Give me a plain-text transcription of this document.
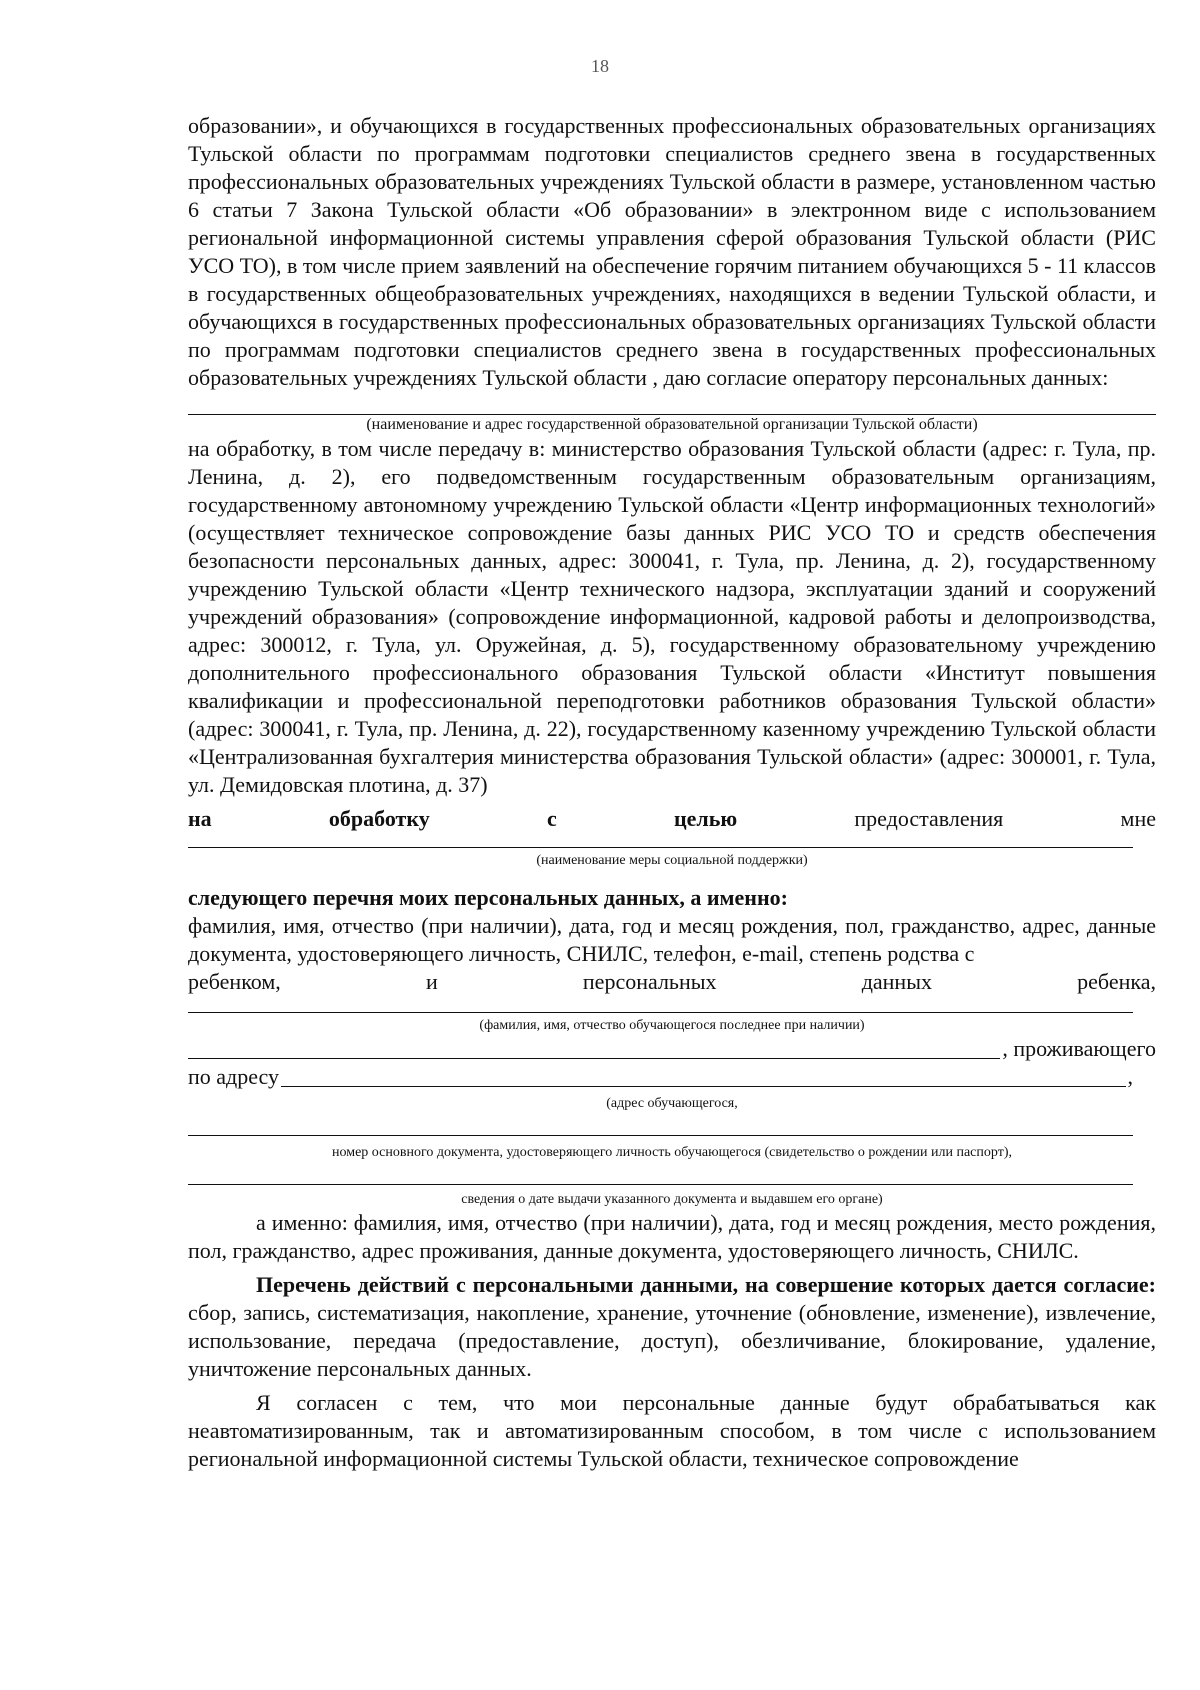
18

образовании», и обучающихся в государственных профессиональных образовательных организациях Тульской области по программам подготовки специалистов среднего звена в государственных профессиональных образовательных учреждениях Тульской области в размере, установленном частью 6 статьи 7 Закона Тульской области «Об образовании» в электронном виде с использованием региональной информационной системы управления сферой образования Тульской области (РИС УСО ТО), в том числе прием заявлений на обеспечение горячим питанием обучающихся 5 - 11 классов в государственных общеобразовательных учреждениях, находящихся в ведении Тульской области, и обучающихся в государственных профессиональных образовательных организациях Тульской области по программам подготовки специалистов среднего звена в государственных профессиональных образовательных учреждениях Тульской области , даю согласие оператору персональных данных:

(наименование и адрес государственной образовательной организации Тульской области)

на обработку, в том числе передачу в: министерство образования Тульской области (адрес: г. Тула, пр. Ленина, д. 2), его подведомственным государственным образовательным организациям, государственному автономному учреждению Тульской области «Центр информационных технологий» (осуществляет техническое сопровождение базы данных РИС УСО ТО и средств обеспечения безопасности персональных данных, адрес: 300041, г. Тула, пр. Ленина, д. 2), государственному учреждению Тульской области «Центр технического надзора, эксплуатации зданий и сооружений учреждений образования» (сопровождение информационной, кадровой работы и делопроизводства, адрес: 300012, г. Тула, ул. Оружейная, д. 5), государственному образовательному учреждению дополнительного профессионального образования Тульской области «Институт повышения квалификации и профессиональной переподготовки работников образования Тульской области» (адрес: 300041, г. Тула, пр. Ленина, д. 22), государственному казенному учреждению Тульской области «Централизованная бухгалтерия министерства образования Тульской области» (адрес: 300001, г. Тула, ул. Демидовская плотина, д. 37)

на	обработку	с	целью	предоставления	мне
(наименование меры социальной поддержки)

следующего перечня моих персональных данных, а именно:

фамилия, имя, отчество (при наличии), дата, год и месяц рождения, пол, гражданство, адрес, данные документа, удостоверяющего личность, СНИЛС, телефон, e-mail, степень родства с

ребенком,	и	персональных	данных	ребенка,
(фамилия, имя, отчество обучающегося последнее при наличии)
, проживающего
по адресу	,
(адрес обучающегося,
номер основного документа, удостоверяющего личность обучающегося (свидетельство о рождении или паспорт),
сведения о дате выдачи указанного документа и выдавшем его органе)

а именно: фамилия, имя, отчество (при наличии), дата, год и месяц рождения, место рождения, пол, гражданство, адрес проживания, данные документа, удостоверяющего личность, СНИЛС.

Перечень действий с персональными данными, на совершение которых дается согласие: сбор, запись, систематизация, накопление, хранение, уточнение (обновление, изменение), извлечение, использование, передача (предоставление, доступ), обезличивание, блокирование, удаление, уничтожение персональных данных.

Я согласен с тем, что мои персональные данные будут обрабатываться как неавтоматизированным, так и автоматизированным способом, в том числе с использованием региональной информационной системы Тульской области, техническое сопровождение
